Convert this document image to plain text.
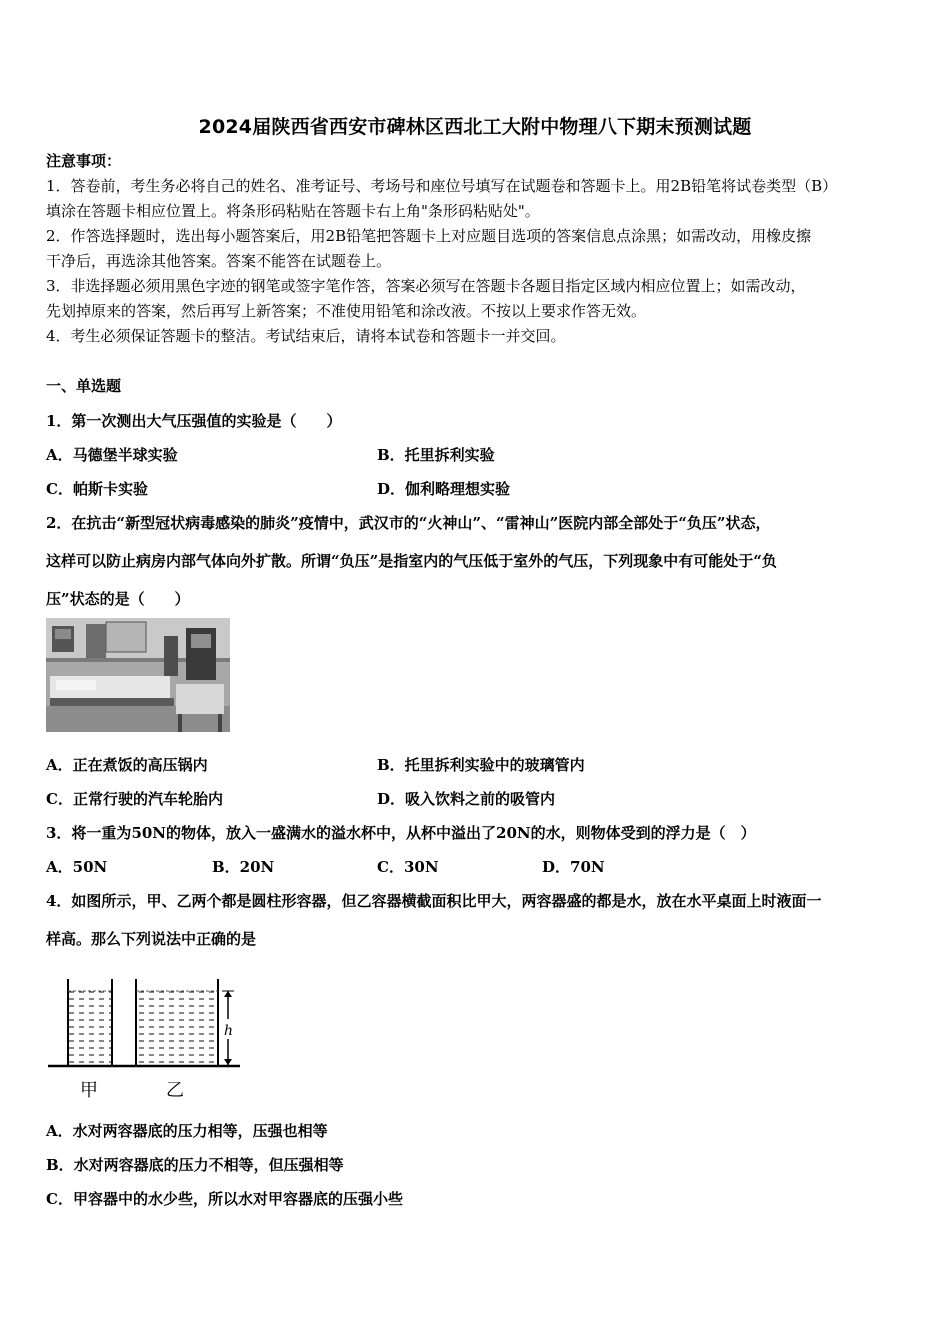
2024届陕西省西安市碑林区西北工大附中物理八下期末预测试题
注意事项：
1．答卷前，考生务必将自己的姓名、准考证号、考场号和座位号填写在试题卷和答题卡上。用2B铅笔将试卷类型（B）
填涂在答题卡相应位置上。将条形码粘贴在答题卡右上角"条形码粘贴处"。
2．作答选择题时，选出每小题答案后，用2B铅笔把答题卡上对应题目选项的答案信息点涂黑；如需改动，用橡皮擦
干净后，再选涂其他答案。答案不能答在试题卷上。
3．非选择题必须用黑色字迹的钢笔或签字笔作答，答案必须写在答题卡各题目指定区域内相应位置上；如需改动，
先划掉原来的答案，然后再写上新答案；不准使用铅笔和涂改液。不按以上要求作答无效。
4．考生必须保证答题卡的整洁。考试结束后，请将本试卷和答题卡一并交回。
一、单选题
1．第一次测出大气压强值的实验是（　　）
A．马德堡半球实验	B．托里拆利实验
C．帕斯卡实验	D．伽利略理想实验
2．在抗击“新型冠状病毒感染的肺炎”疫情中，武汉市的“火神山”、“雷神山”医院内部全部处于“负压”状态，
这样可以防止病房内部气体向外扩散。所谓“负压”是指室内的气压低于室外的气压，下列现象中有可能处于“负
压”状态的是（　　）
A．正在煮饭的高压锅内	B．托里拆利实验中的玻璃管内
C．正常行驶的汽车轮胎内	D．吸入饮料之前的吸管内
3．将一重为50N的物体，放入一盛满水的溢水杯中，从杯中溢出了20N的水，则物体受到的浮力是（　）
A．50N	B．20N	C．30N	D．70N
4．如图所示，甲、乙两个都是圆柱形容器，但乙容器横截面积比甲大，两容器盛的都是水，放在水平桌面上时液面一
样高。那么下列说法中正确的是
h
甲	乙
A．水对两容器底的压力相等，压强也相等
B．水对两容器底的压力不相等，但压强相等
C．甲容器中的水少些，所以水对甲容器底的压强小些
